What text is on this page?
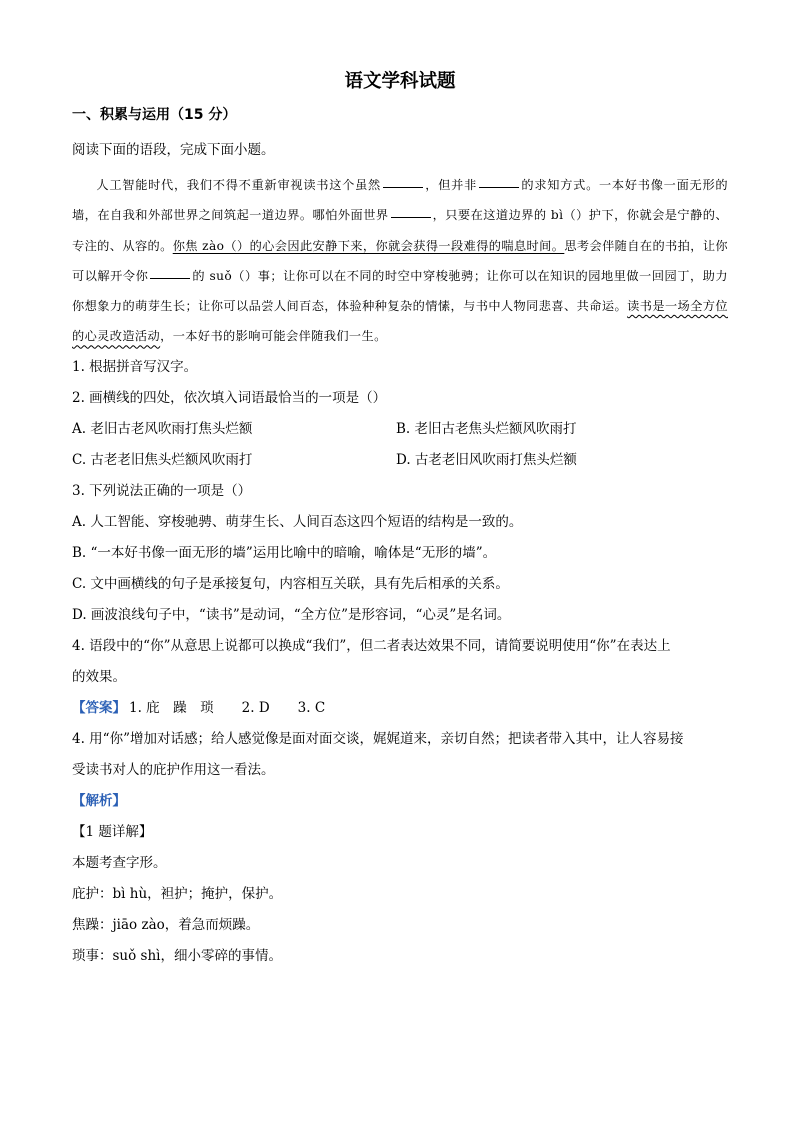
语文学科试题
一、积累与运用（15 分）
阅读下面的语段，完成下面小题。

人工智能时代，我们不得不重新审视读书这个虽然	，但并非	的求知方式。一本好书像一面无形的墙，在自我和外部世界之间筑起一道边界。哪怕外面世界	，只要在这道边界的 bì（）护下，你就会是宁静的、专注的、从容的。你焦 zào（）的心会因此安静下来，你就会获得一段难得的喘息时间。思考会伴随自在的书拍，让你可以解开令你	的 suǒ（）事；让你可以在不同的时空中穿梭驰骋；让你可以在知识的园地里做一回园丁，助力你想象力的萌芽生长；让你可以品尝人间百态，体验种种复杂的情愫，与书中人物同悲喜、共命运。读书是一场全方位的心灵改造活动，一本好书的影响可能会伴随我们一生。

1. 根据拼音写汉字。
2. 画横线的四处，依次填入词语最恰当的一项是（）
A. 老旧古老风吹雨打焦头烂额	B. 老旧古老焦头烂额风吹雨打
C. 古老老旧焦头烂额风吹雨打	D. 古老老旧风吹雨打焦头烂额
3. 下列说法正确的一项是（）
A. 人工智能、穿梭驰骋、萌芽生长、人间百态这四个短语的结构是一致的。
B. “一本好书像一面无形的墙”运用比喻中的暗喻，喻体是“无形的墙”。
C. 文中画横线的句子是承接复句，内容相互关联，具有先后相承的关系。
D. 画波浪线句子中，“读书”是动词，“全方位”是形容词，“心灵”是名词。
4. 语段中的“你”从意思上说都可以换成“我们”，但二者表达效果不同，请简要说明使用“你”在表达上
的效果。
【答案】 1. 庇　躁　琐 2. D 3. C
4. 用“你”增加对话感；给人感觉像是面对面交谈，娓娓道来，亲切自然；把读者带入其中，让人容易接
受读书对人的庇护作用这一看法。
【解析】

【1 题详解】

本题考查字形。

庇护：bì hù，袒护；掩护，保护。

焦躁：jiāo zào，着急而烦躁。

琐事：suǒ shì，细小零碎的事情。
